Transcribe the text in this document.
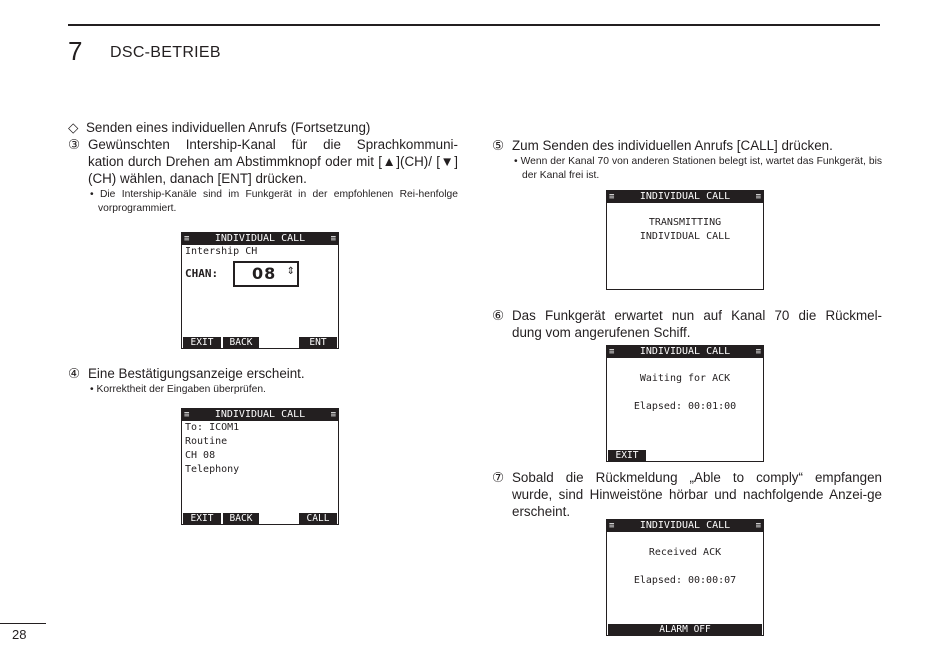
7 DSC-BETRIEB
◇ Senden eines individuellen Anrufs (Fortsetzung)
③ Gewünschten Intership-Kanal für die Sprachkommuni-
kation durch Drehen am Abstimmknopf oder mit [▲](CH)/ [▼](CH) wählen, danach [ENT] drücken.
• Die Intership-Kanäle sind im Funkgerät in der empfohlenen Rei-henfolge vorprogrammiert.
≡	INDIVIDUAL CALL	≡
Intership CH
CHAN: 08 ⇕
EXIT	BACK	ENT
④ Eine Bestätigungsanzeige erscheint.
• Korrektheit der Eingaben überprüfen.
≡	INDIVIDUAL CALL	≡
To: ICOM1
Routine
CH 08
Telephony
EXIT	BACK	CALL
⑤ Zum Senden des individuellen Anrufs [CALL] drücken.
• Wenn der Kanal 70 von anderen Stationen belegt ist, wartet das Funkgerät, bis der Kanal frei ist.
≡	INDIVIDUAL CALL	≡
TRANSMITTING
INDIVIDUAL CALL
⑥ Das Funkgerät erwartet nun auf Kanal 70 die Rückmel-
dung vom angerufenen Schiff.
≡	INDIVIDUAL CALL	≡
Waiting for ACK
Elapsed: 00:01:00
EXIT
⑦ Sobald die Rückmeldung „Able to comply“ empfangen
wurde, sind Hinweistöne hörbar und nachfolgende Anzei-ge erscheint.
≡	INDIVIDUAL CALL	≡
Received ACK
Elapsed: 00:00:07
ALARM OFF
28
